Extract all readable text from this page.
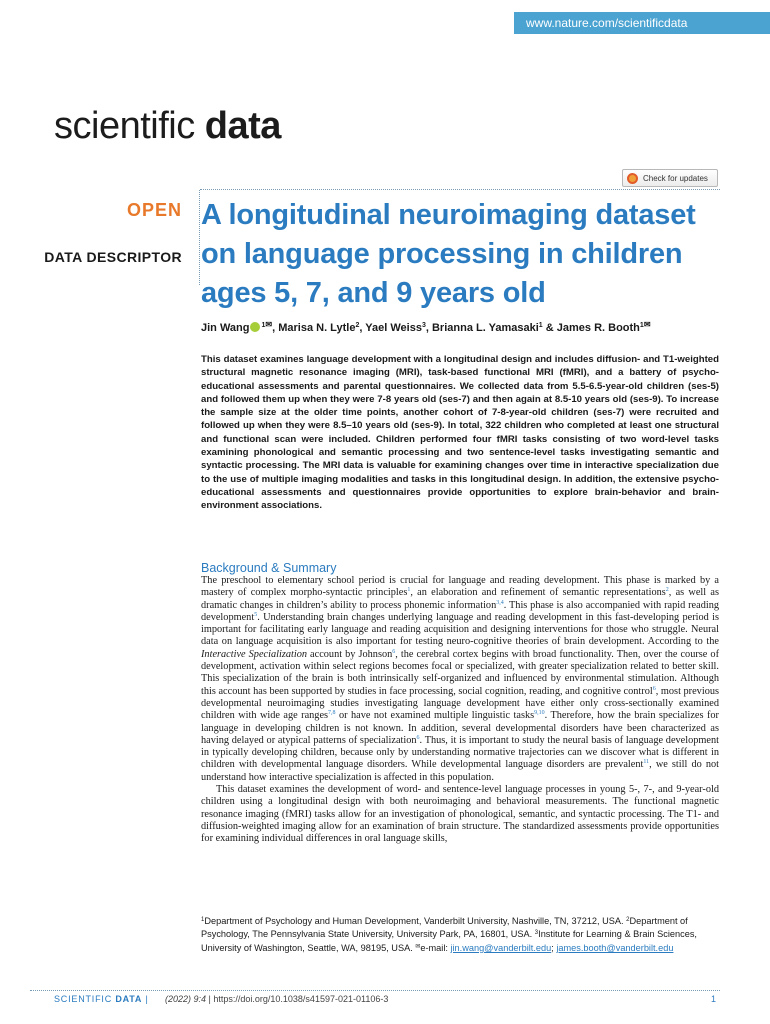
www.nature.com/scientificdata
scientific data
Check for updates
OPEN
DATA DESCRIPTOR
A longitudinal neuroimaging dataset on language processing in children ages 5, 7, and 9 years old
Jin Wang $^1$✉, Marisa N. Lytle$^2$, Yael Weiss$^3$, Brianna L. Yamasaki$^1$ & James R. Booth$^1$✉

This dataset examines language development with a longitudinal design and includes diffusion- and T1-weighted structural magnetic resonance imaging (MRI), task-based functional MRI (fMRI), and a battery of psycho-educational assessments and parental questionnaires. We collected data from 5.5-6.5-year-old children (ses-5) and followed them up when they were 7-8 years old (ses-7) and then again at 8.5-10 years old (ses-9). To increase the sample size at the older time points, another cohort of 7-8-year-old children (ses-7) were recruited and followed up when they were 8.5–10 years old (ses-9). In total, 322 children who completed at least one structural and functional scan were included. Children performed four fMRI tasks consisting of two word-level tasks examining phonological and semantic processing and two sentence-level tasks investigating semantic and syntactic processing. The MRI data is valuable for examining changes over time in interactive specialization due to the use of multiple imaging modalities and tasks in this longitudinal design. In addition, the extensive psycho-educational assessments and questionnaires provide opportunities to explore brain-behavior and brain-environment associations.

Background & Summary

The preschool to elementary school period is crucial for language and reading development. This phase is marked by a mastery of complex morpho-syntactic principles$^1$, an elaboration and refinement of semantic representations$^2$, as well as dramatic changes in children’s ability to process phonemic information$^{3,4}$. This phase is also accompanied with rapid reading development$^5$. Understanding brain changes underlying language and reading development in this fast-developing period is important for facilitating early language and reading acquisition and designing interventions for those who struggle. Neural data on language acquisition is also important for testing neuro-cognitive theories of brain development. According to the Interactive Specialization account by Johnson$^6$, the cerebral cortex begins with broad functionality. Then, over the course of development, activation within select regions becomes focal or specialized, with greater specialization related to better skill. This specialization of the brain is both intrinsically self-organized and influenced by environmental stimulation. Although this account has been supported by studies in face processing, social cognition, reading, and cognitive control$^6$, most previous developmental neuroimaging studies investigating language development have either only cross-sectionally examined children with wide age ranges$^{7,8}$ or have not examined multiple linguistic tasks$^{9,10}$. Therefore, how the brain specializes for language in developing children is not known. In addition, several developmental disorders have been characterized as having delayed or atypical patterns of specialization$^6$. Thus, it is important to study the neural basis of language development in typically developing children, because only by understanding normative trajectories can we discover what is different in children with developmental language disorders. While developmental language disorders are prevalent$^{11}$, we still do not understand how interactive specialization is affected in this population.

This dataset examines the development of word- and sentence-level language processes in young 5-, 7-, and 9-year-old children using a longitudinal design with both neuroimaging and behavioral measurements. The functional magnetic resonance imaging (fMRI) tasks allow for an investigation of phonological, semantic, and syntactic processing. The T1- and diffusion-weighted imaging allow for an examination of brain structure. The standardized assessments provide opportunities for examining individual differences in oral language skills,

$^1$Department of Psychology and Human Development, Vanderbilt University, Nashville, TN, 37212, USA. $^2$Department of Psychology, The Pennsylvania State University, University Park, PA, 16801, USA. $^3$Institute for Learning & Brain Sciences, University of Washington, Seattle, WA, 98195, USA. ✉e-mail: jin.wang@vanderbilt.edu; james.booth@vanderbilt.edu
SCIENTIFIC DATA | (2022) 9:4 | https://doi.org/10.1038/s41597-021-01106-3	1
